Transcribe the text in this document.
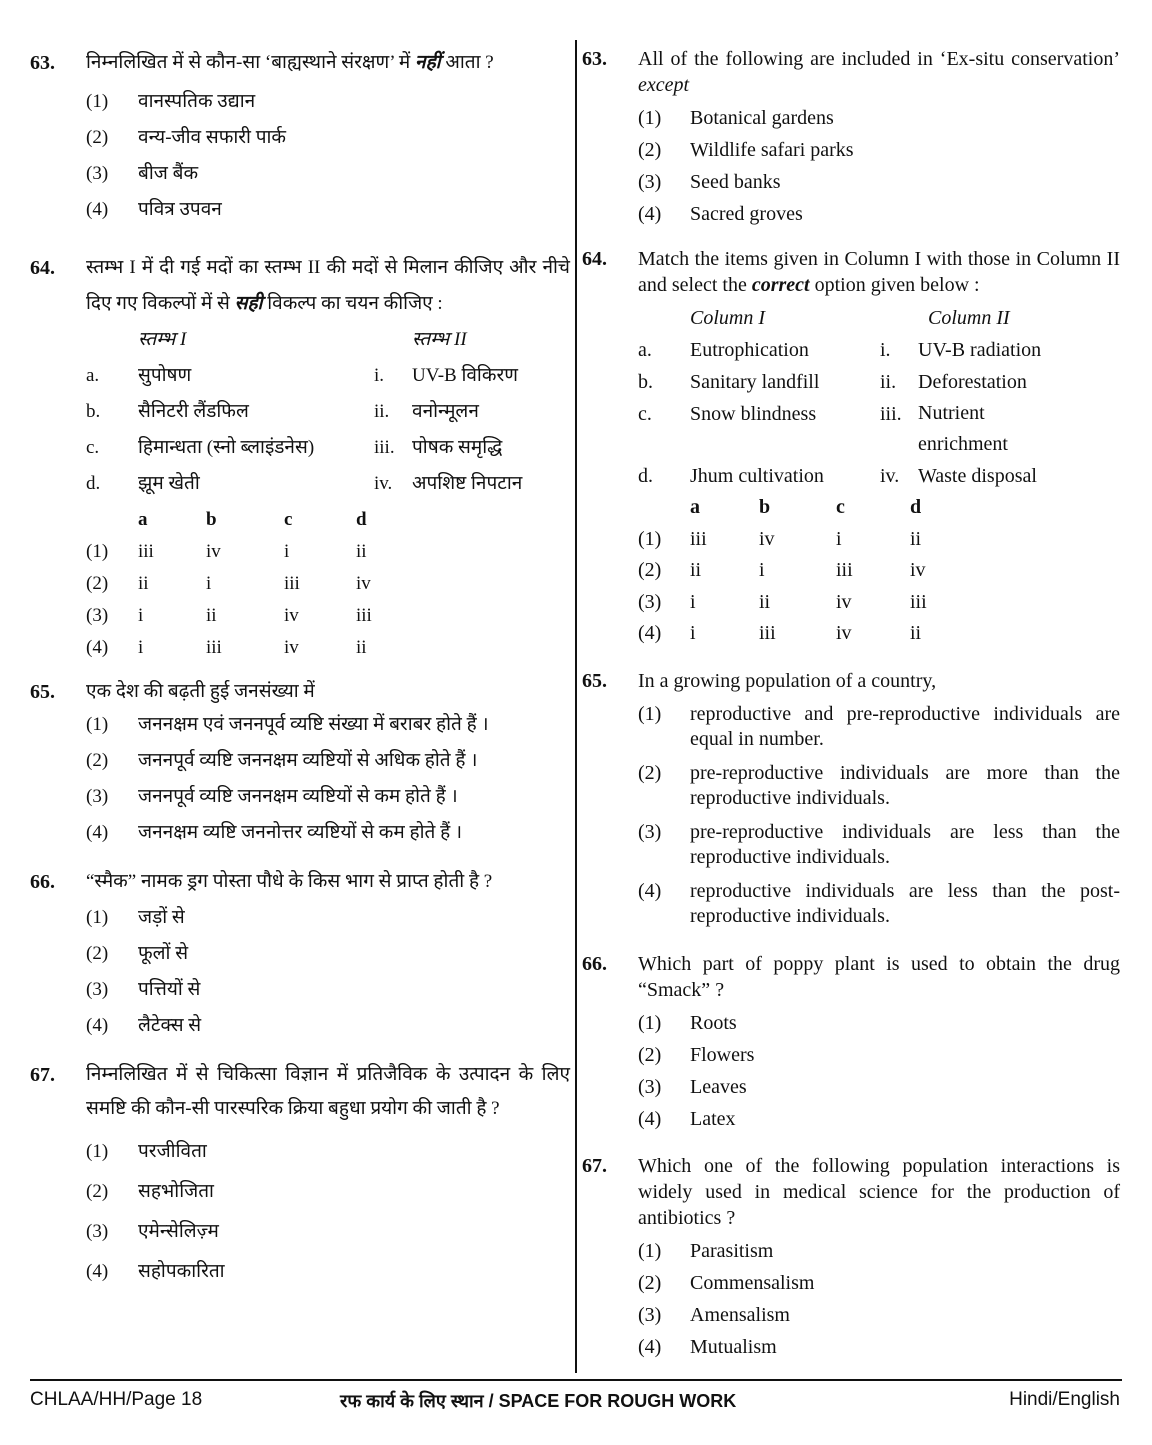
63.	निम्नलिखित में से कौन-सा ‘बाह्यस्थाने संरक्षण’ में नहीं आता ?
(1)	वानस्पतिक उद्यान
(2)	वन्य-जीव सफारी पार्क
(3)	बीज बैंक
(4)	पवित्र उपवन
64.	स्तम्भ I में दी गई मदों का स्तम्भ II की मदों से मिलान कीजिए और नीचे दिए गए विकल्पों में से सही विकल्प का चयन कीजिए :
स्तम्भ I	स्तम्भ II
a.	सुपोषण	i.	UV-B विकिरण
b.	सैनिटरी लैंडफिल	ii.	वनोन्मूलन
c.	हिमान्धता (स्नो ब्लाइंडनेस)	iii. पोषक समृद्धि
d.	झूम खेती	iv.	अपशिष्ट निपटान
a	b	c	d
(1)	iii	iv	i	ii
(2)	ii	i	iii	iv
(3)	i	ii	iv	iii
(4)	i	iii	iv	ii
65.	एक देश की बढ़ती हुई जनसंख्या में
(1)	जननक्षम एवं जननपूर्व व्यष्टि संख्या में बराबर होते हैं ।
(2)	जननपूर्व व्यष्टि जननक्षम व्यष्टियों से अधिक होते हैं ।
(3)	जननपूर्व व्यष्टि जननक्षम व्यष्टियों से कम होते हैं ।
(4)	जननक्षम व्यष्टि जननोत्तर व्यष्टियों से कम होते हैं ।
66.	“स्मैक” नामक ड्रग पोस्ता पौधे के किस भाग से प्राप्त होती है ?
(1)	जड़ों से
(2)	फूलों से
(3)	पत्तियों से
(4)	लैटेक्स से
67.	निम्नलिखित में से चिकित्सा विज्ञान में प्रतिजैविक के उत्पादन के लिए समष्टि की कौन-सी पारस्परिक क्रिया बहुधा प्रयोग की जाती है ?
(1)	परजीविता
(2)	सहभोजिता
(3)	एमेन्सेलिज़्म
(4)	सहोपकारिता
63.	All of the following are included in ‘Ex-situ conservation’ except
(1)	Botanical gardens
(2)	Wildlife safari parks
(3)	Seed banks
(4)	Sacred groves
64.	Match the items given in Column I with those in Column II and select the correct option given below :
Column I	Column II
a.	Eutrophication	i.	UV-B radiation
b.	Sanitary landfill	ii.	Deforestation
c.	Snow blindness	iii. Nutrient enrichment
d.	Jhum cultivation	iv. Waste disposal
a	b	c	d
(1)	iii	iv	i	ii
(2)	ii	i	iii	iv
(3)	i	ii	iv	iii
(4)	i	iii	iv	ii
65.	In a growing population of a country,
(1)	reproductive and pre-reproductive individuals are equal in number.
(2)	pre-reproductive individuals are more than the reproductive individuals.
(3)	pre-reproductive individuals are less than the reproductive individuals.
(4)	reproductive individuals are less than the post-reproductive individuals.
66.	Which part of poppy plant is used to obtain the drug “Smack” ?
(1)	Roots
(2)	Flowers
(3)	Leaves
(4)	Latex
67.	Which one of the following population interactions is widely used in medical science for the production of antibiotics ?
(1)	Parasitism
(2)	Commensalism
(3)	Amensalism
(4)	Mutualism
CHLAA/HH/Page 18	रफ कार्य के लिए स्थान / SPACE FOR ROUGH WORK	Hindi/English
